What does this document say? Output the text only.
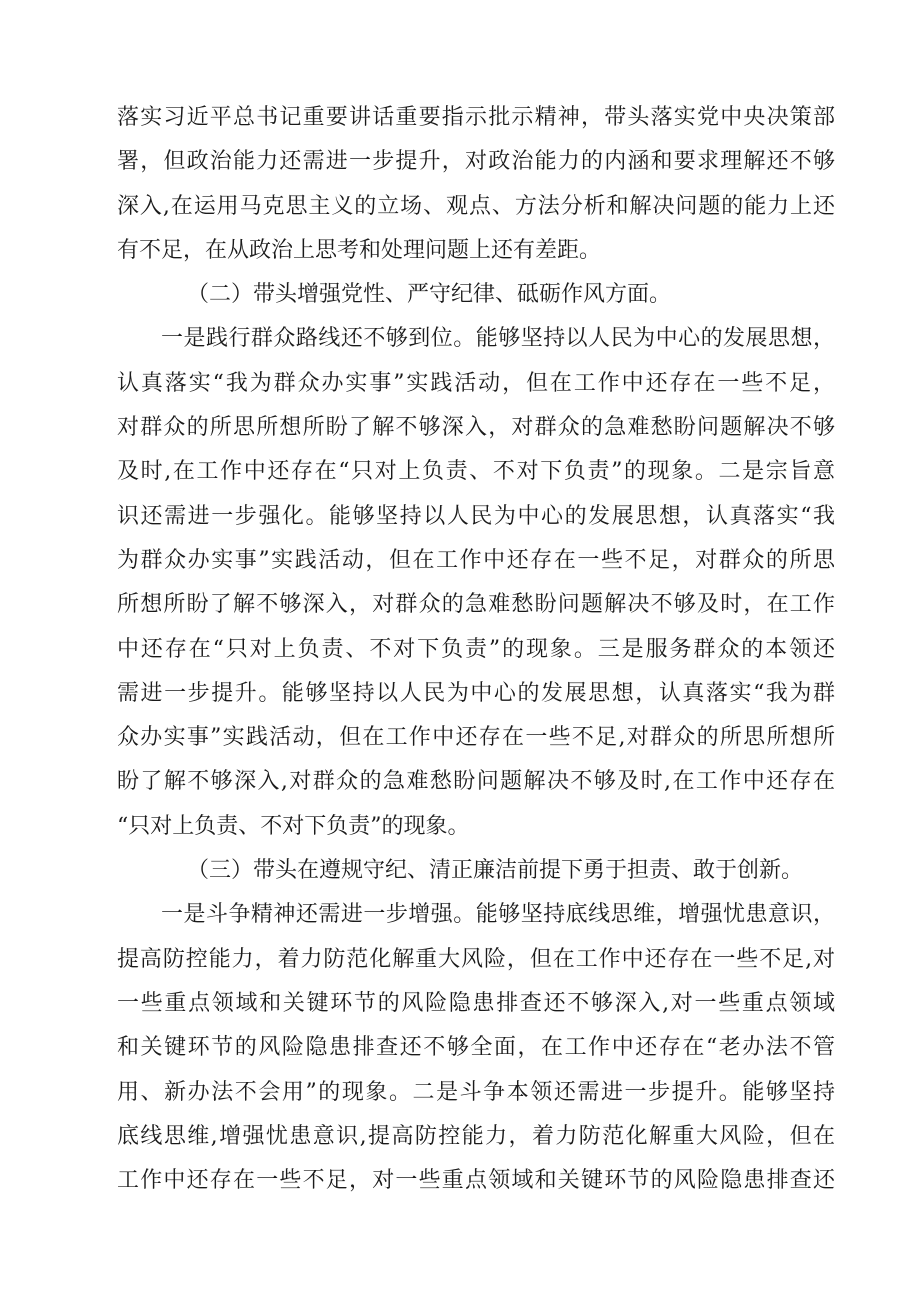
落实习近平总书记重要讲话重要指示批示精神，带头落实党中央决策部
署，但政治能力还需进一步提升，对政治能力的内涵和要求理解还不够
深入,在运用马克思主义的立场、观点、方法分析和解决问题的能力上还
有不足，在从政治上思考和处理问题上还有差距。
（二）带头增强党性、严守纪律、砥砺作风方面。
一是践行群众路线还不够到位。能够坚持以人民为中心的发展思想，
认真落实“我为群众办实事”实践活动，但在工作中还存在一些不足，
对群众的所思所想所盼了解不够深入，对群众的急难愁盼问题解决不够
及时,在工作中还存在“只对上负责、不对下负责”的现象。二是宗旨意
识还需进一步强化。能够坚持以人民为中心的发展思想，认真落实“我
为群众办实事”实践活动，但在工作中还存在一些不足，对群众的所思
所想所盼了解不够深入，对群众的急难愁盼问题解决不够及时，在工作
中还存在“只对上负责、不对下负责”的现象。三是服务群众的本领还
需进一步提升。能够坚持以人民为中心的发展思想，认真落实“我为群
众办实事”实践活动，但在工作中还存在一些不足,对群众的所思所想所
盼了解不够深入,对群众的急难愁盼问题解决不够及时,在工作中还存在
“只对上负责、不对下负责”的现象。
（三）带头在遵规守纪、清正廉洁前提下勇于担责、敢于创新。
一是斗争精神还需进一步增强。能够坚持底线思维，增强忧患意识，
提高防控能力，着力防范化解重大风险，但在工作中还存在一些不足,对
一些重点领域和关键环节的风险隐患排查还不够深入,对一些重点领域
和关键环节的风险隐患排查还不够全面，在工作中还存在“老办法不管
用、新办法不会用”的现象。二是斗争本领还需进一步提升。能够坚持
底线思维,增强忧患意识,提高防控能力，着力防范化解重大风险，但在
工作中还存在一些不足，对一些重点领域和关键环节的风险隐患排查还
